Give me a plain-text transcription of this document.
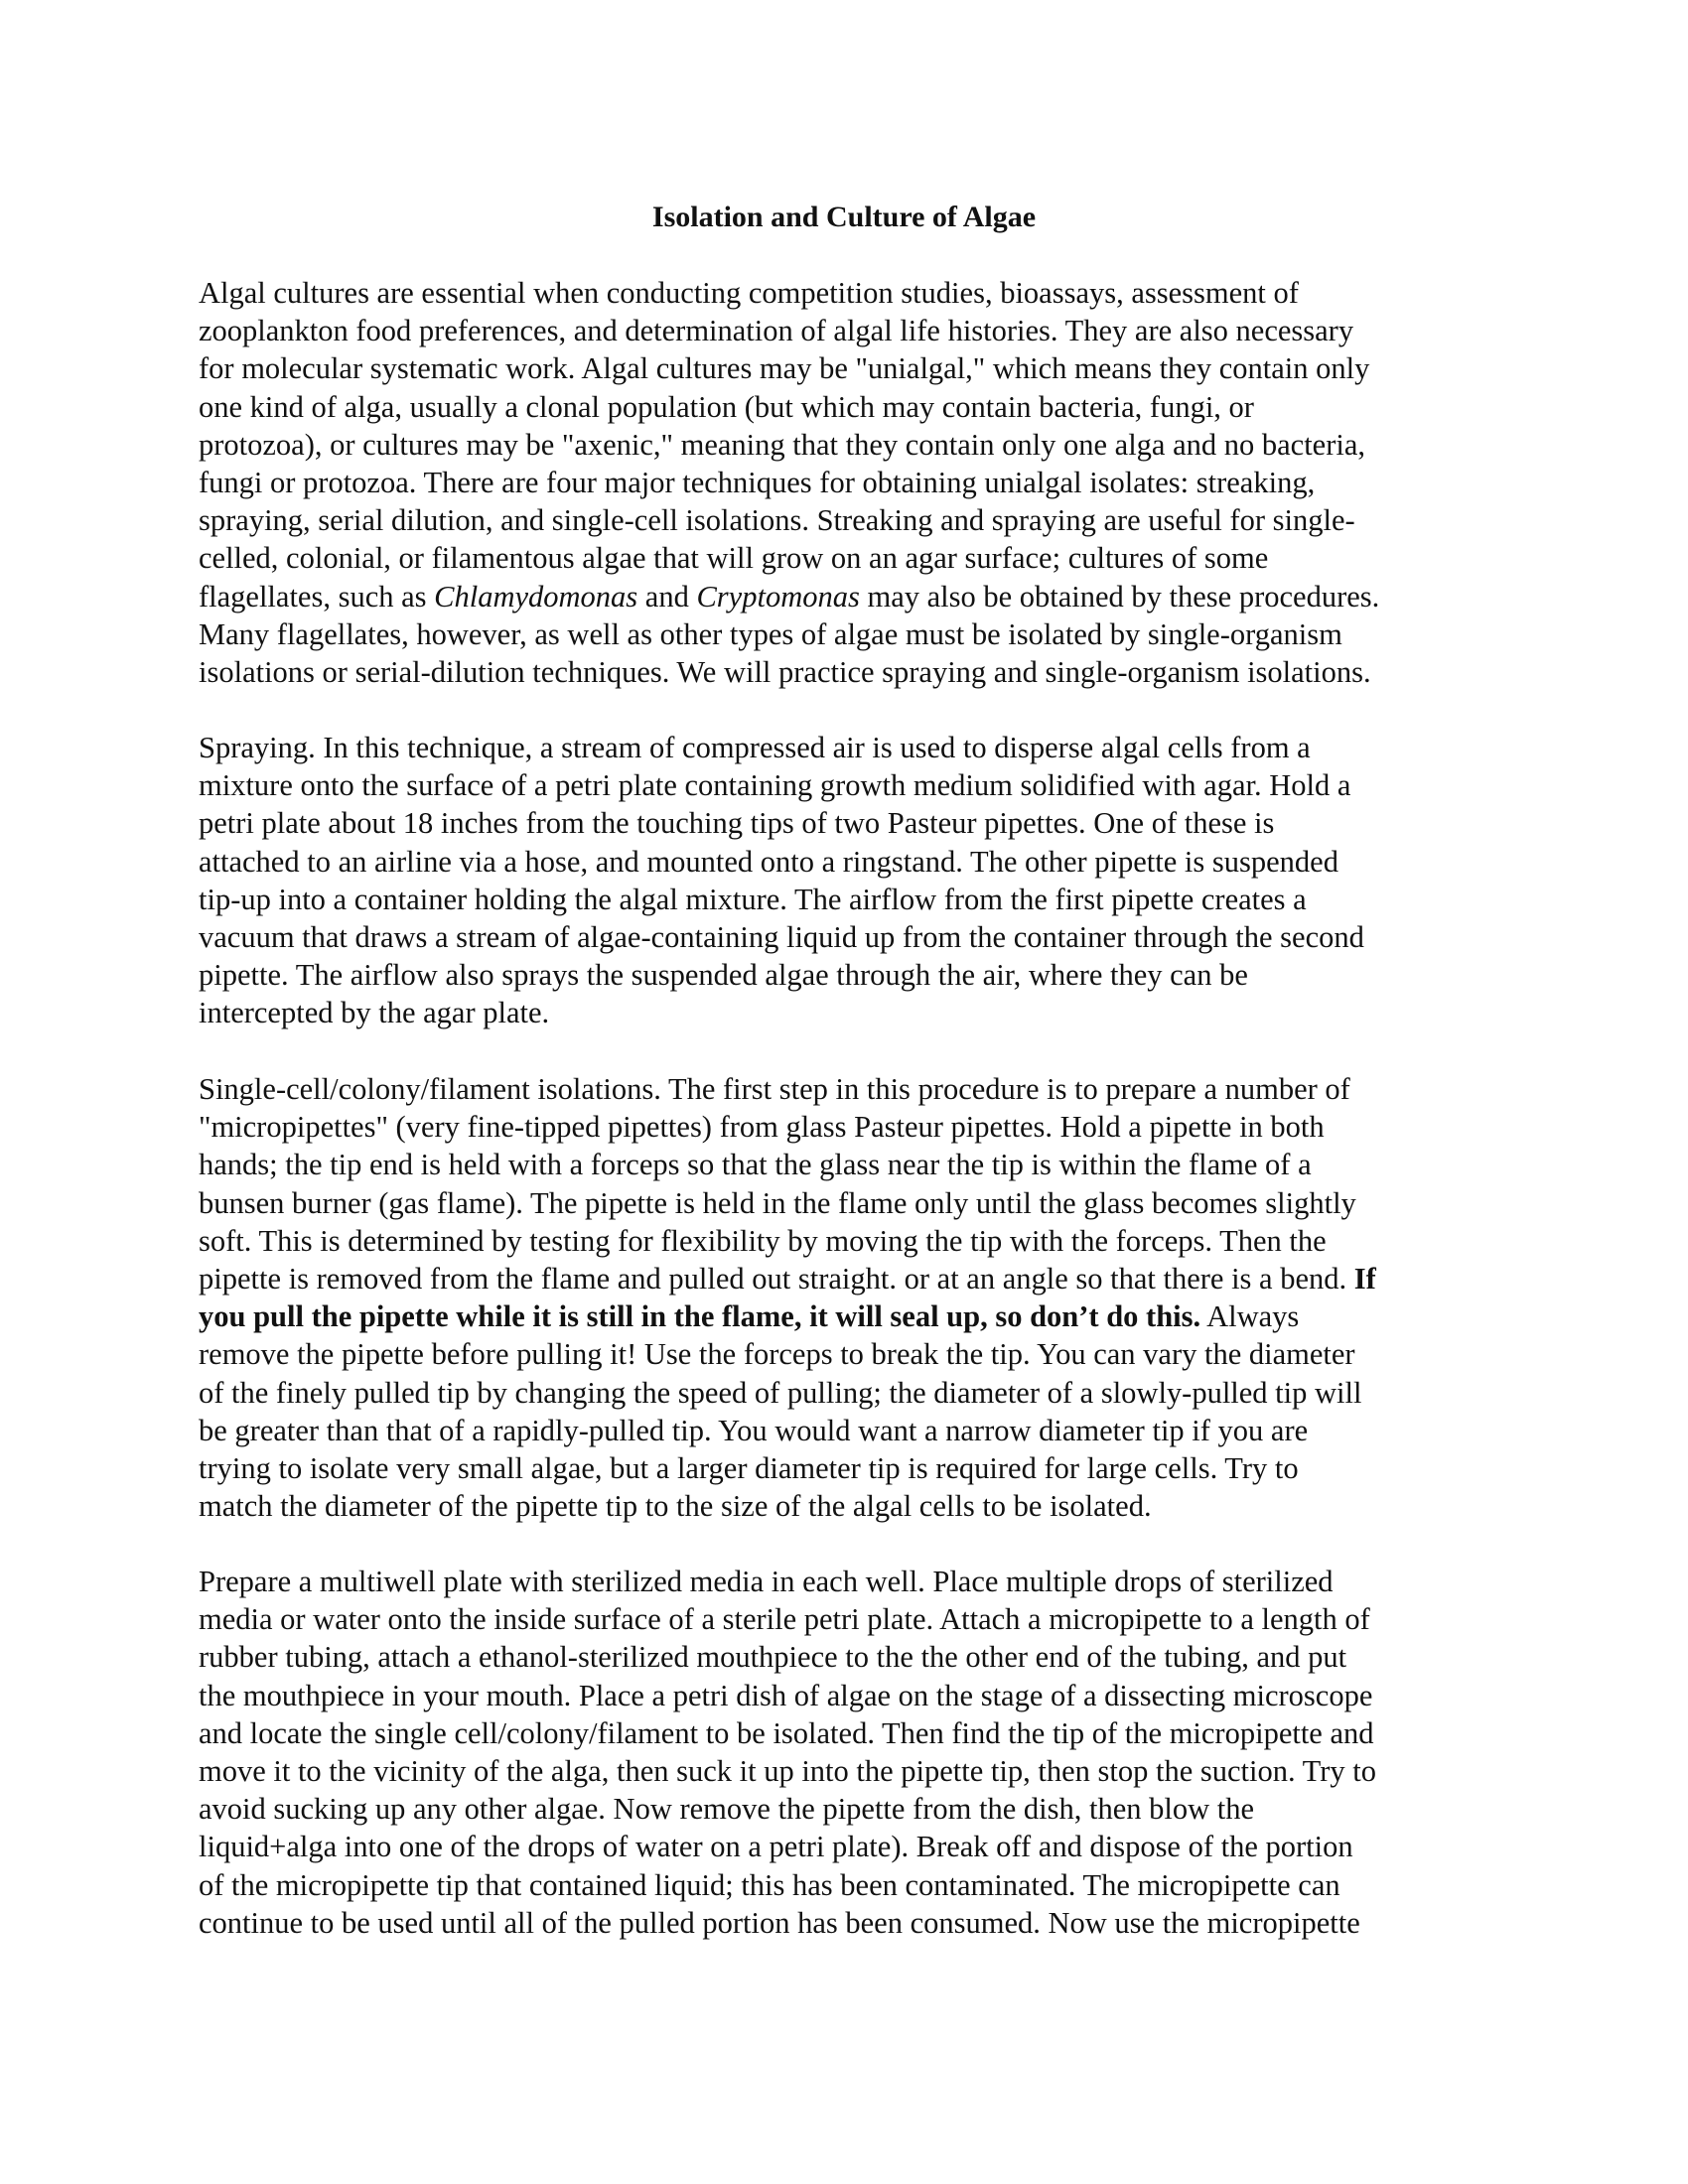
Isolation and Culture of Algae
Algal cultures are essential when conducting competition studies, bioassays, assessment of
zooplankton food preferences, and determination of algal life histories. They are also necessary
for molecular systematic work. Algal cultures may be "unialgal," which means they contain only
one kind of alga, usually a clonal population (but which may contain bacteria, fungi, or
protozoa), or cultures may be "axenic," meaning that they contain only one alga and no bacteria,
fungi or protozoa. There are four major techniques for obtaining unialgal isolates: streaking,
spraying, serial dilution, and single-cell isolations. Streaking and spraying are useful for single-
celled, colonial, or filamentous algae that will grow on an agar surface; cultures of some
flagellates, such as Chlamydomonas and Cryptomonas may also be obtained by these procedures.
Many flagellates, however, as well as other types of algae must be isolated by single-organism
isolations or serial-dilution techniques. We will practice spraying and single-organism isolations.
Spraying. In this technique, a stream of compressed air is used to disperse algal cells from a
mixture onto the surface of a petri plate containing growth medium solidified with agar. Hold a
petri plate about 18 inches from the touching tips of two Pasteur pipettes. One of these is
attached to an airline via a hose, and mounted onto a ringstand. The other pipette is suspended
tip-up into a container holding the algal mixture. The airflow from the first pipette creates a
vacuum that draws a stream of algae-containing liquid up from the container through the second
pipette. The airflow also sprays the suspended algae through the air, where they can be
intercepted by the agar plate.
Single-cell/colony/filament isolations. The first step in this procedure is to prepare a number of
"micropipettes" (very fine-tipped pipettes) from glass Pasteur pipettes. Hold a pipette in both
hands; the tip end is held with a forceps so that the glass near the tip is within the flame of a
bunsen burner (gas flame). The pipette is held in the flame only until the glass becomes slightly
soft. This is determined by testing for flexibility by moving the tip with the forceps. Then the
pipette is removed from the flame and pulled out straight. or at an angle so that there is a bend. If
you pull the pipette while it is still in the flame, it will seal up, so don’t do this. Always
remove the pipette before pulling it! Use the forceps to break the tip. You can vary the diameter
of the finely pulled tip by changing the speed of pulling; the diameter of a slowly-pulled tip will
be greater than that of a rapidly-pulled tip. You would want a narrow diameter tip if you are
trying to isolate very small algae, but a larger diameter tip is required for large cells. Try to
match the diameter of the pipette tip to the size of the algal cells to be isolated.
Prepare a multiwell plate with sterilized media in each well. Place multiple drops of sterilized
media or water onto the inside surface of a sterile petri plate. Attach a micropipette to a length of
rubber tubing, attach a ethanol-sterilized mouthpiece to the the other end of the tubing, and put
the mouthpiece in your mouth. Place a petri dish of algae on the stage of a dissecting microscope
and locate the single cell/colony/filament to be isolated. Then find the tip of the micropipette and
move it to the vicinity of the alga, then suck it up into the pipette tip, then stop the suction. Try to
avoid sucking up any other algae. Now remove the pipette from the dish, then blow the
liquid+alga into one of the drops of water on a petri plate). Break off and dispose of the portion
of the micropipette tip that contained liquid; this has been contaminated. The micropipette can
continue to be used until all of the pulled portion has been consumed. Now use the micropipette
